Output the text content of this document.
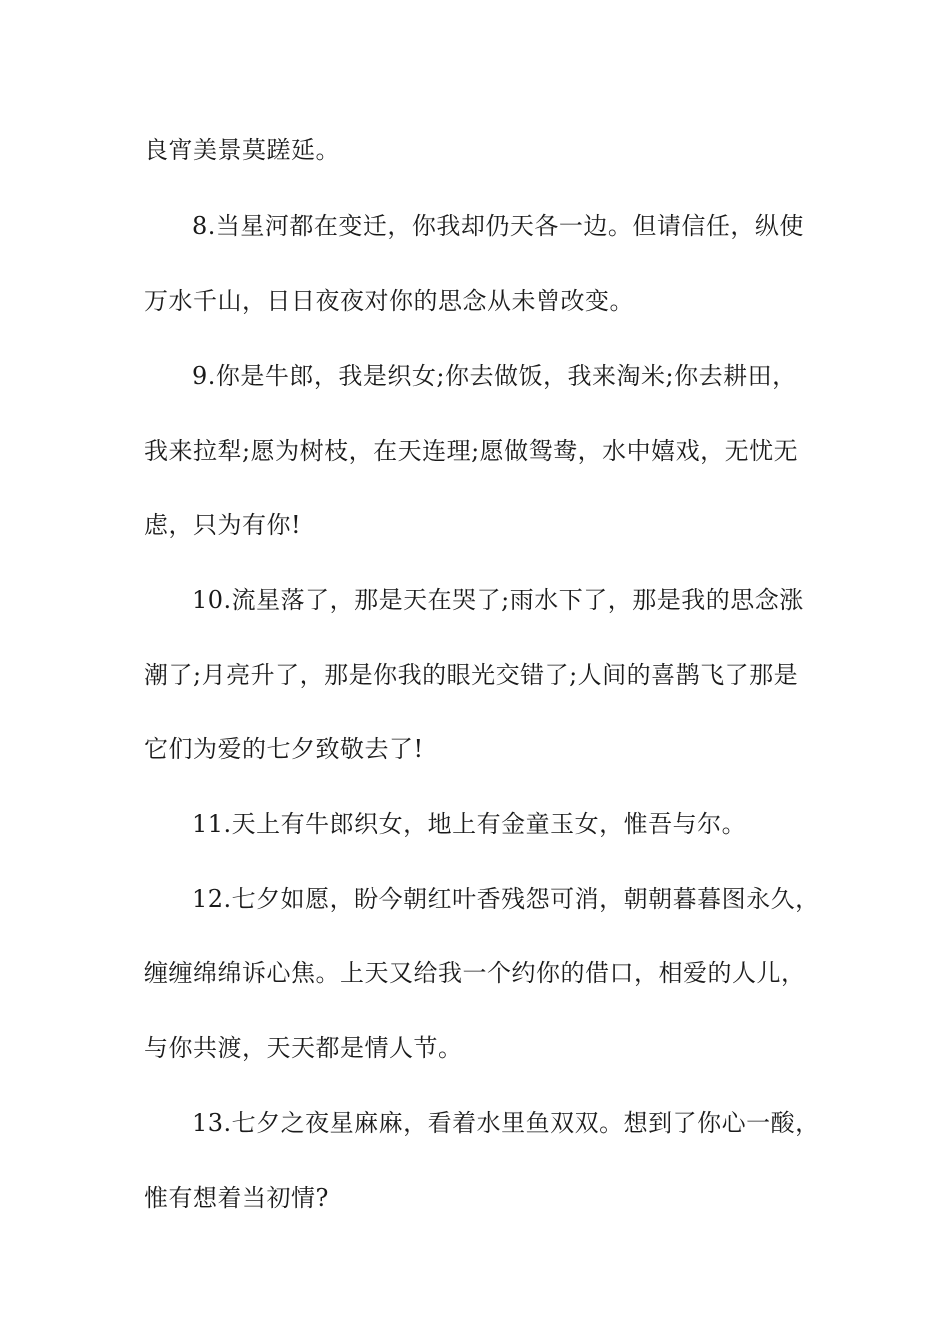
良宵美景莫蹉延。
8.当星河都在变迁，你我却仍天各一边。但请信任，纵使
万水千山，日日夜夜对你的思念从未曾改变。
9.你是牛郎，我是织女;你去做饭，我来淘米;你去耕田，
我来拉犁;愿为树枝，在天连理;愿做鸳鸯，水中嬉戏，无忧无
虑，只为有你!
10.流星落了，那是天在哭了;雨水下了，那是我的思念涨
潮了;月亮升了，那是你我的眼光交错了;人间的喜鹊飞了那是
它们为爱的七夕致敬去了!
11.天上有牛郎织女，地上有金童玉女，惟吾与尔。
12.七夕如愿，盼今朝红叶香残怨可消，朝朝暮暮图永久，
缠缠绵绵诉心焦。上天又给我一个约你的借口，相爱的人儿，
与你共渡，天天都是情人节。
13.七夕之夜星麻麻，看着水里鱼双双。想到了你心一酸，
惟有想着当初情?
